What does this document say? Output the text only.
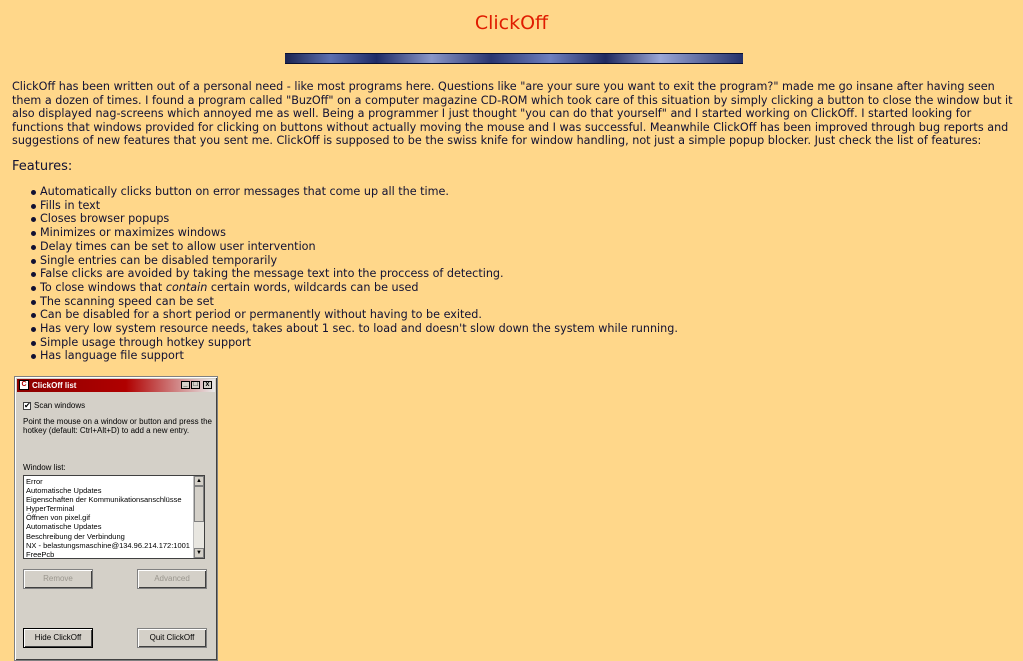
ClickOff

ClickOff has been written out of a personal need - like most programs here. Questions like "are your sure you want to exit the program?" made me go insane after having seen them a dozen of times. I found a program called "BuzOff" on a computer magazine CD-ROM which took care of this situation by simply clicking a button to close the window but it also displayed nag-screens which annoyed me as well. Being a programmer I just thought "you can do that yourself" and I started working on ClickOff. I started looking for functions that windows provided for clicking on buttons without actually moving the mouse and I was successful. Meanwhile ClickOff has been improved through bug reports and suggestions of new features that you sent me. ClickOff is supposed to be the swiss knife for window handling, not just a simple popup blocker. Just check the list of features:

Features:
Automatically clicks button on error messages that come up all the time.
Fills in text
Closes browser popups
Minimizes or maximizes windows
Delay times can be set to allow user intervention
Single entries can be disabled temporarily
False clicks are avoided by taking the message text into the proccess of detecting.
To close windows that contain certain words, wildcards can be used
The scanning speed can be set
Can be disabled for a short period or permanently without having to be exited.
Has very low system resource needs, takes about 1 sec. to load and doesn't slow down the system while running.
Simple usage through hotkey support
Has language file support
C ClickOff list	_ □	x
✔ Scan windows

Point the mouse on a window or button and press the hotkey (default: Ctrl+Alt+D) to add a new entry.

Window list:
Error
Automatische Updates
Eigenschaften der Kommunikationsanschlüsse
HyperTerminal
Öffnen von pixel.gif
Automatische Updates
Beschreibung der Verbindung
NX - belastungsmaschine@134.96.214.172:1001
FreePcb
▲
▼
Remove	Advanced
Hide ClickOff	Quit ClickOff
